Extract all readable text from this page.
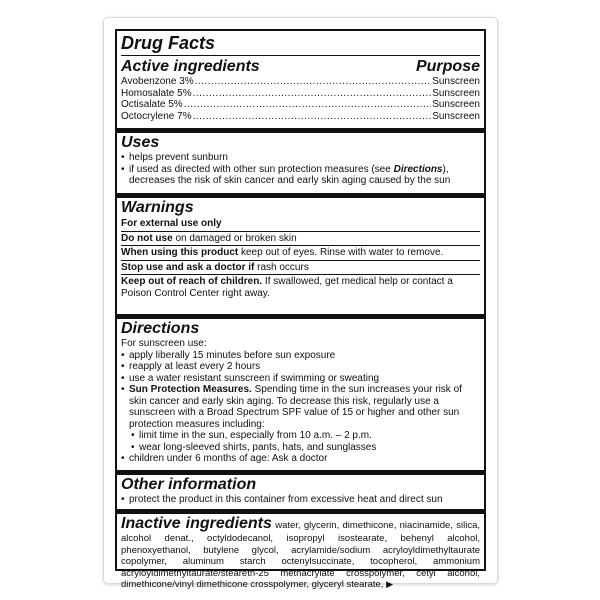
Drug Facts
Active ingredients	Purpose
Avobenzone 3% .....	Sunscreen
Homosalate 5% .....	Sunscreen
Octisalate 5% .....	Sunscreen
Octocrylene 7% .....	Sunscreen
Uses
• helps prevent sunburn
• if used as directed with other sun protection measures (see Directions), decreases the risk of skin cancer and early skin aging caused by the sun
Warnings
For external use only
Do not use on damaged or broken skin
When using this product keep out of eyes. Rinse with water to remove.
Stop use and ask a doctor if rash occurs
Keep out of reach of children. If swallowed, get medical help or contact a Poison Control Center right away.
Directions
For sunscreen use:
• apply liberally 15 minutes before sun exposure
• reapply at least every 2 hours
• use a water resistant sunscreen if swimming or sweating
• Sun Protection Measures. Spending time in the sun increases your risk of skin cancer and early skin aging. To decrease this risk, regularly use a sunscreen with a Broad Spectrum SPF value of 15 or higher and other sun protection measures including:
• limit time in the sun, especially from 10 a.m. – 2 p.m.
• wear long-sleeved shirts, pants, hats, and sunglasses
• children under 6 months of age: Ask a doctor
Other information
• protect the product in this container from excessive heat and direct sun
Inactive ingredients water, glycerin, dimethicone, niacinamide, silica, alcohol denat., octyldodecanol, isopropyl isostearate, behenyl alcohol, phenoxyethanol, butylene glycol, acrylamide/sodium acryloyldimethyltaurate copolymer, aluminum starch octenylsuccinate, tocopherol, ammonium acryloyldimethyltaurate/steareth-25 methacrylate crosspolymer, cetyl alcohol, dimethicone/vinyl dimethicone crosspolymer, glyceryl stearate, ▶
